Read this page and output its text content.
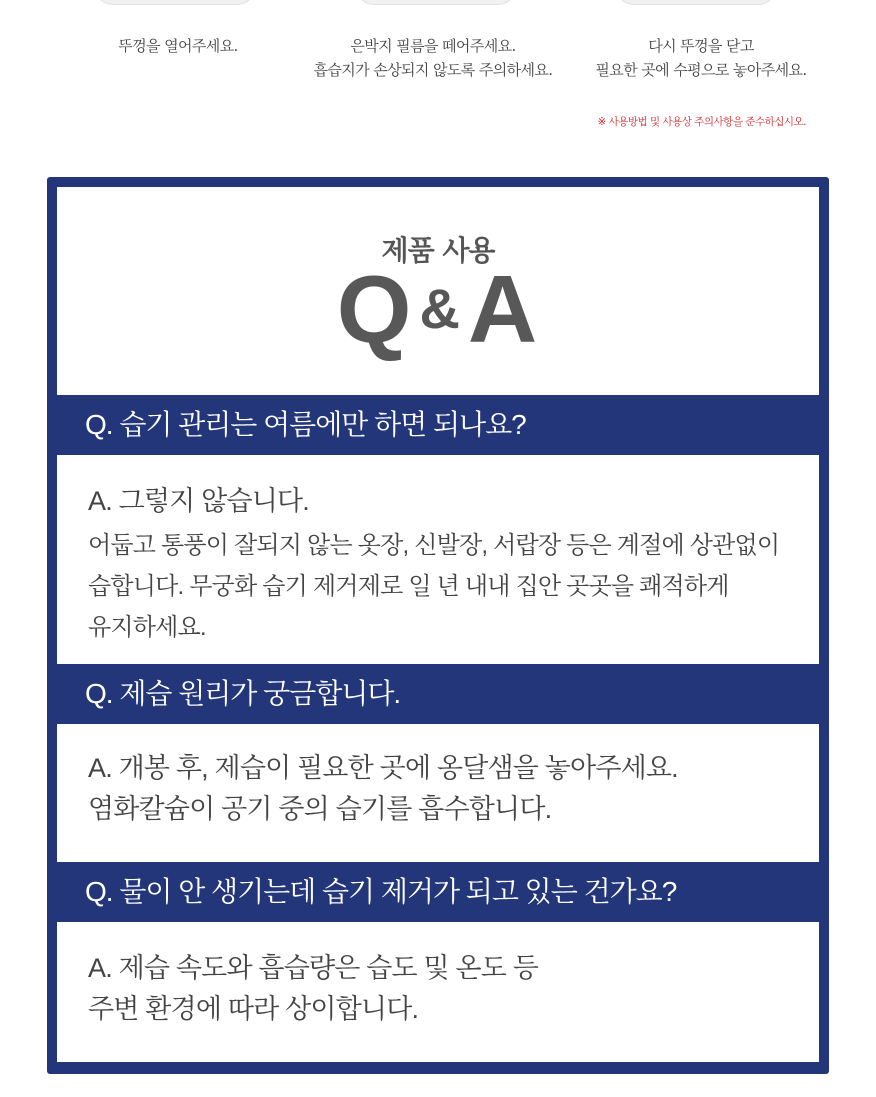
뚜껑을 열어주세요.	은박지 필름을 떼어주세요.
흡습지가 손상되지 않도록 주의하세요.
다시 뚜껑을 닫고
필요한 곳에 수평으로 놓아주세요.
※ 사용방법 및 사용상 주의사항을 준수하십시오.
제품 사용
Q &A
Q. 습기 관리는 여름에만 하면 되나요?
A. 그렇지 않습니다.
어둡고 통풍이 잘되지 않는 옷장, 신발장, 서랍장 등은 계절에 상관없이
습합니다. 무궁화 습기 제거제로 일 년 내내 집안 곳곳을 쾌적하게
유지하세요.
Q. 제습 원리가 궁금합니다.
A. 개봉 후, 제습이 필요한 곳에 옹달샘을 놓아주세요.
염화칼슘이 공기 중의 습기를 흡수합니다.
Q. 물이 안 생기는데 습기 제거가 되고 있는 건가요?
A. 제습 속도와 흡습량은 습도 및 온도 등
주변 환경에 따라 상이합니다.
